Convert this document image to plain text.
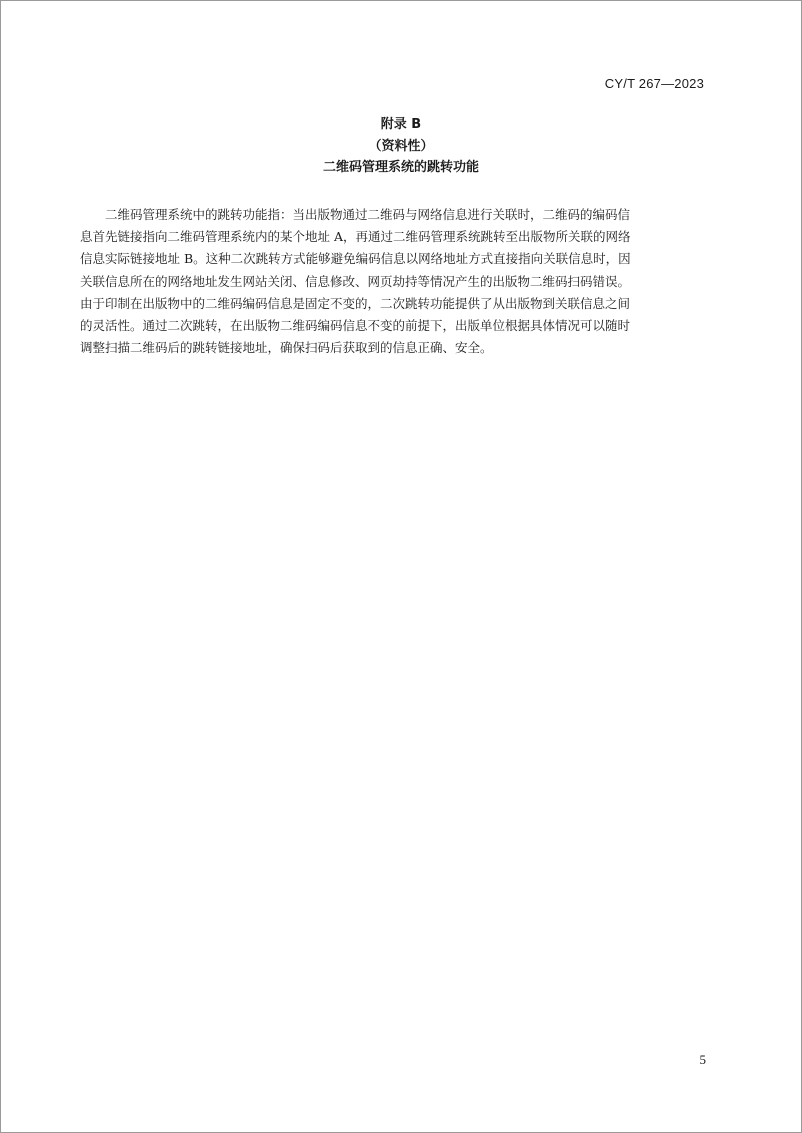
CY/T 267—2023
附录 B
（资料性）
二维码管理系统的跳转功能
二维码管理系统中的跳转功能指：当出版物通过二维码与网络信息进行关联时，二维码的编码信
息首先链接指向二维码管理系统内的某个地址 A，再通过二维码管理系统跳转至出版物所关联的网络
信息实际链接地址 B。这种二次跳转方式能够避免编码信息以网络地址方式直接指向关联信息时，因
关联信息所在的网络地址发生网站关闭、信息修改、网页劫持等情况产生的出版物二维码扫码错误。
由于印制在出版物中的二维码编码信息是固定不变的，二次跳转功能提供了从出版物到关联信息之间
的灵活性。通过二次跳转，在出版物二维码编码信息不变的前提下，出版单位根据具体情况可以随时
调整扫描二维码后的跳转链接地址，确保扫码后获取到的信息正确、安全。
5
